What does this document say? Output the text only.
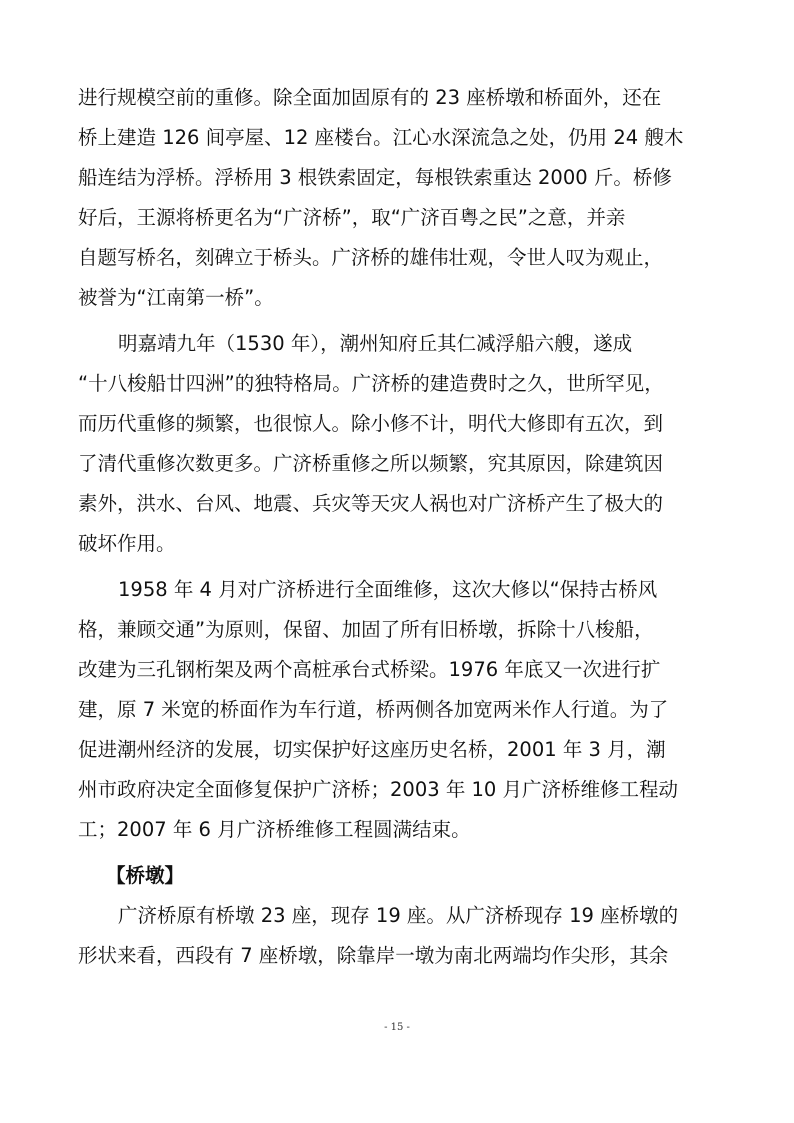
进行规模空前的重修。除全面加固原有的 23 座桥墩和桥面外，还在
桥上建造 126 间亭屋、12 座楼台。江心水深流急之处，仍用 24 艘木
船连结为浮桥。浮桥用 3 根铁索固定，每根铁索重达 2000 斤。桥修
好后，王源将桥更名为“广济桥”，取“广济百粤之民”之意，并亲
自题写桥名，刻碑立于桥头。广济桥的雄伟壮观，令世人叹为观止，
被誉为“江南第一桥”。
明嘉靖九年（1530 年），潮州知府丘其仁减浮船六艘，遂成
“十八梭船廿四洲”的独特格局。广济桥的建造费时之久，世所罕见，
而历代重修的频繁，也很惊人。除小修不计，明代大修即有五次，到
了清代重修次数更多。广济桥重修之所以频繁，究其原因，除建筑因
素外，洪水、台风、地震、兵灾等天灾人祸也对广济桥产生了极大的
破坏作用。
1958 年 4 月对广济桥进行全面维修，这次大修以“保持古桥风
格，兼顾交通”为原则，保留、加固了所有旧桥墩，拆除十八梭船，
改建为三孔钢桁架及两个高桩承台式桥梁。1976 年底又一次进行扩
建，原 7 米宽的桥面作为车行道，桥两侧各加宽两米作人行道。为了
促进潮州经济的发展，切实保护好这座历史名桥，2001 年 3 月，潮
州市政府决定全面修复保护广济桥；2003 年 10 月广济桥维修工程动
工；2007 年 6 月广济桥维修工程圆满结束。
【桥墩】
广济桥原有桥墩 23 座，现存 19 座。从广济桥现存 19 座桥墩的
形状来看，西段有 7 座桥墩，除靠岸一墩为南北两端均作尖形，其余
- 15 -
